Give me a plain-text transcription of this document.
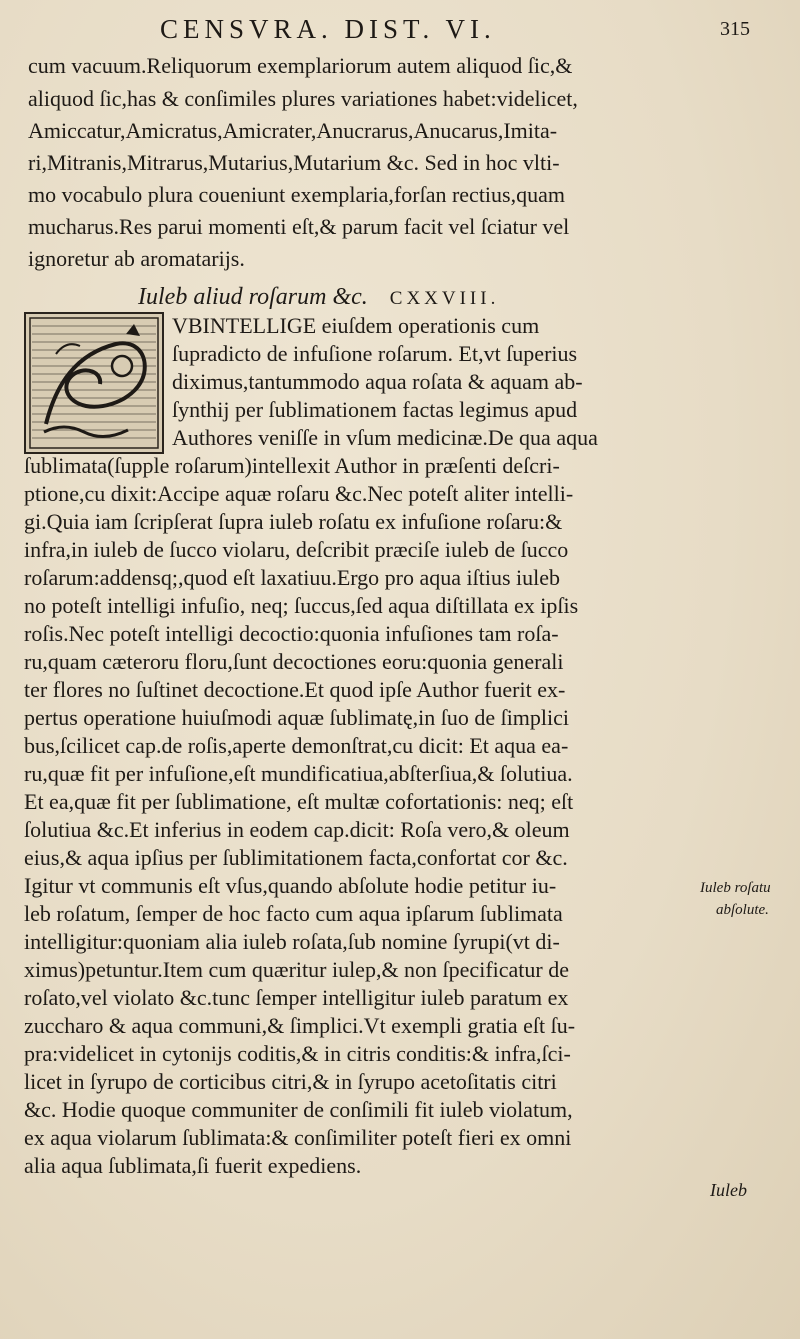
CENSVRA. DIST. VI.	315
cum vacuum.Reliquorum exemplariorum autem aliquod ſic,&
aliquod ſic,has & conſimiles plures variationes habet:videlicet,
Amiccatur,Amicratus,Amicrater,Anucrarus,Anucarus,Imita-
ri,Mitranis,Mitrarus,Mutarius,Mutarium &c. Sed in hoc vlti-
mo vocabulo plura coueniunt exemplaria,forſan rectius,quam
mucharus.Res parui momenti eſt,& parum facit vel ſciatur vel
ignoretur ab aromatarijs.
Iuleb aliud roſarum &c. CXXVIII.
VBINTELLIGE eiuſdem operationis cum
ſupradicto de infuſione roſarum. Et,vt ſuperius
diximus,tantummodo aqua roſata & aquam ab-
ſynthij per ſublimationem factas legimus apud
Authores veniſſe in vſum medicinæ.De qua aqua
ſublimata(ſupple roſarum)intellexit Author in præſenti deſcri-
ptione,cu dixit:Accipe aquæ roſaru &c.Nec poteſt aliter intelli-
gi.Quia iam ſcripſerat ſupra iuleb roſatu ex infuſione roſaru:&
infra,in iuleb de ſucco violaru, deſcribit præciſe iuleb de ſucco
roſarum:addensq;,quod eſt laxatiuu.Ergo pro aqua iſtius iuleb
no poteſt intelligi infuſio, neq; ſuccus,ſed aqua diſtillata ex ipſis
roſis.Nec poteſt intelligi decoctio:quonia infuſiones tam roſa-
ru,quam cæteroru floru,ſunt decoctiones eoru:quonia generali
ter flores no ſuſtinet decoctione.Et quod ipſe Author fuerit ex-
pertus operatione huiuſmodi aquæ ſublimatę,in ſuo de ſimplici
bus,ſcilicet cap.de roſis,aperte demonſtrat,cu dicit: Et aqua ea-
ru,quæ fit per infuſione,eſt mundificatiua,abſterſiua,& ſolutiua.
Et ea,quæ fit per ſublimatione, eſt multæ cofortationis: neq; eſt
ſolutiua &c.Et inferius in eodem cap.dicit: Roſa vero,& oleum
eius,& aqua ipſius per ſublimitationem facta,confortat cor &c.
Igitur vt communis eſt vſus,quando abſolute hodie petitur iu-
leb roſatum, ſemper de hoc facto cum aqua ipſarum ſublimata
intelligitur:quoniam alia iuleb roſata,ſub nomine ſyrupi(vt di-
ximus)petuntur.Item cum quæritur iulep,& non ſpecificatur de
roſato,vel violato &c.tunc ſemper intelligitur iuleb paratum ex
zuccharo & aqua communi,& ſimplici.Vt exempli gratia eſt ſu-
pra:videlicet in cytonijs coditis,& in citris conditis:& infra,ſci-
licet in ſyrupo de corticibus citri,& in ſyrupo acetoſitatis citri
&c. Hodie quoque communiter de conſimili fit iuleb violatum,
ex aqua violarum ſublimata:& conſimiliter poteſt fieri ex omni
alia aqua ſublimata,ſi fuerit expediens.
Iuleb roſatu
abſolute.
Iuleb
